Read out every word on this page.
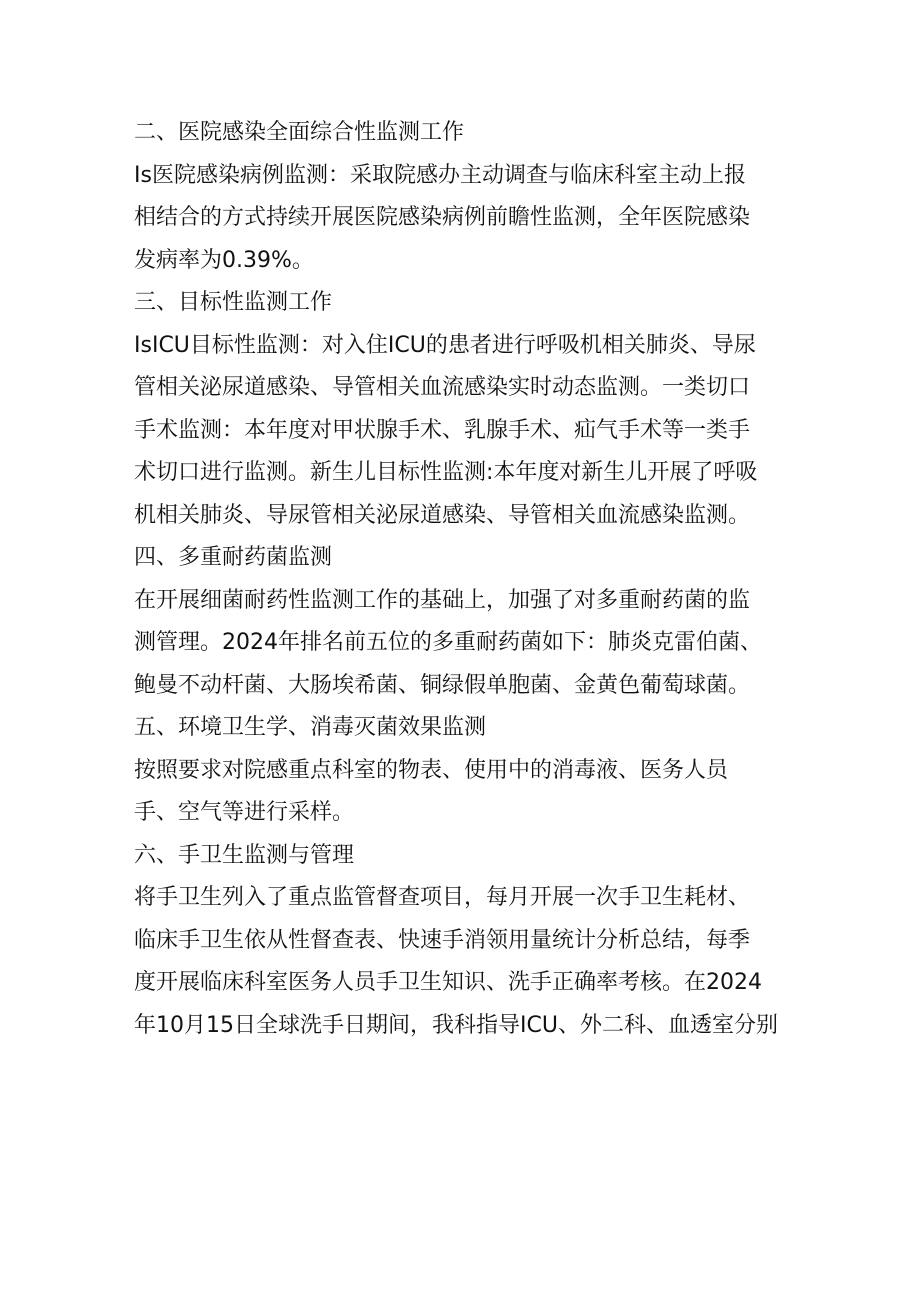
二、医院感染全面综合性监测工作
Is医院感染病例监测：采取院感办主动调查与临床科室主动上报
相结合的方式持续开展医院感染病例前瞻性监测，全年医院感染
发病率为0.39%。
三、目标性监测工作
IsICU目标性监测：对入住ICU的患者进行呼吸机相关肺炎、导尿
管相关泌尿道感染、导管相关血流感染实时动态监测。一类切口
手术监测：本年度对甲状腺手术、乳腺手术、疝气手术等一类手
术切口进行监测。新生儿目标性监测:本年度对新生儿开展了呼吸
机相关肺炎、导尿管相关泌尿道感染、导管相关血流感染监测。
四、多重耐药菌监测
在开展细菌耐药性监测工作的基础上，加强了对多重耐药菌的监
测管理。2024年排名前五位的多重耐药菌如下：肺炎克雷伯菌、
鲍曼不动杆菌、大肠埃希菌、铜绿假单胞菌、金黄色葡萄球菌。
五、环境卫生学、消毒灭菌效果监测
按照要求对院感重点科室的物表、使用中的消毒液、医务人员
手、空气等进行采样。
六、手卫生监测与管理
将手卫生列入了重点监管督查项目，每月开展一次手卫生耗材、
临床手卫生依从性督查表、快速手消领用量统计分析总结，每季
度开展临床科室医务人员手卫生知识、洗手正确率考核。在2024
年10月15日全球洗手日期间，我科指导ICU、外二科、血透室分别
